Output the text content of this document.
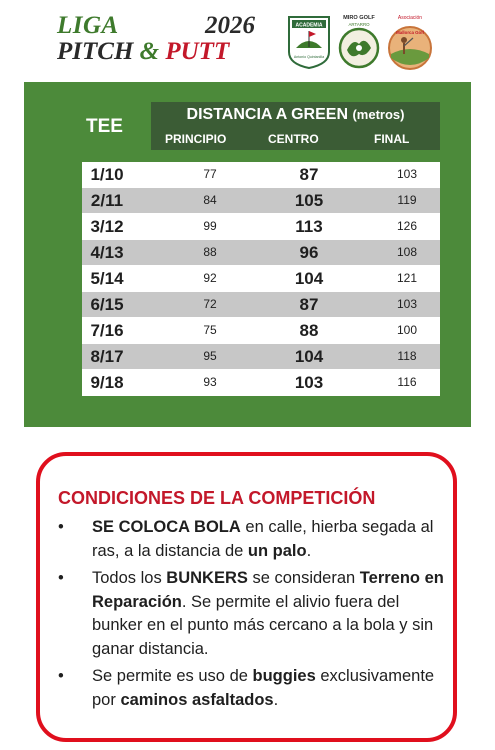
LIGA	2026
PITCH & PUTT
ACADEMIA
Antonio Quintanilla
MIRO GOLF
ARTARRO
Asociación
Mallorca Golf
TEE
DISTANCIA A GREEN (metros)
PRINCIPIO	CENTRO	FINAL
1/10	77	87	103
2/11	84	105	119
3/12	99	113	126
4/13	88	96	108
5/14	92	104	121
6/15	72	87	103
7/16	75	88	100
8/17	95	104	118
9/18	93	103	116
CONDICIONES DE LA COMPETICIÓN
• SE COLOCA BOLA en calle, hierba segada al ras, a la distancia de un palo.
• Todos los BUNKERS se consideran Terreno en Reparación. Se permite el alivio fuera del bunker en el punto más cercano a la bola y sin ganar distancia.
• Se permite es uso de buggies exclusivamente por caminos asfaltados.
